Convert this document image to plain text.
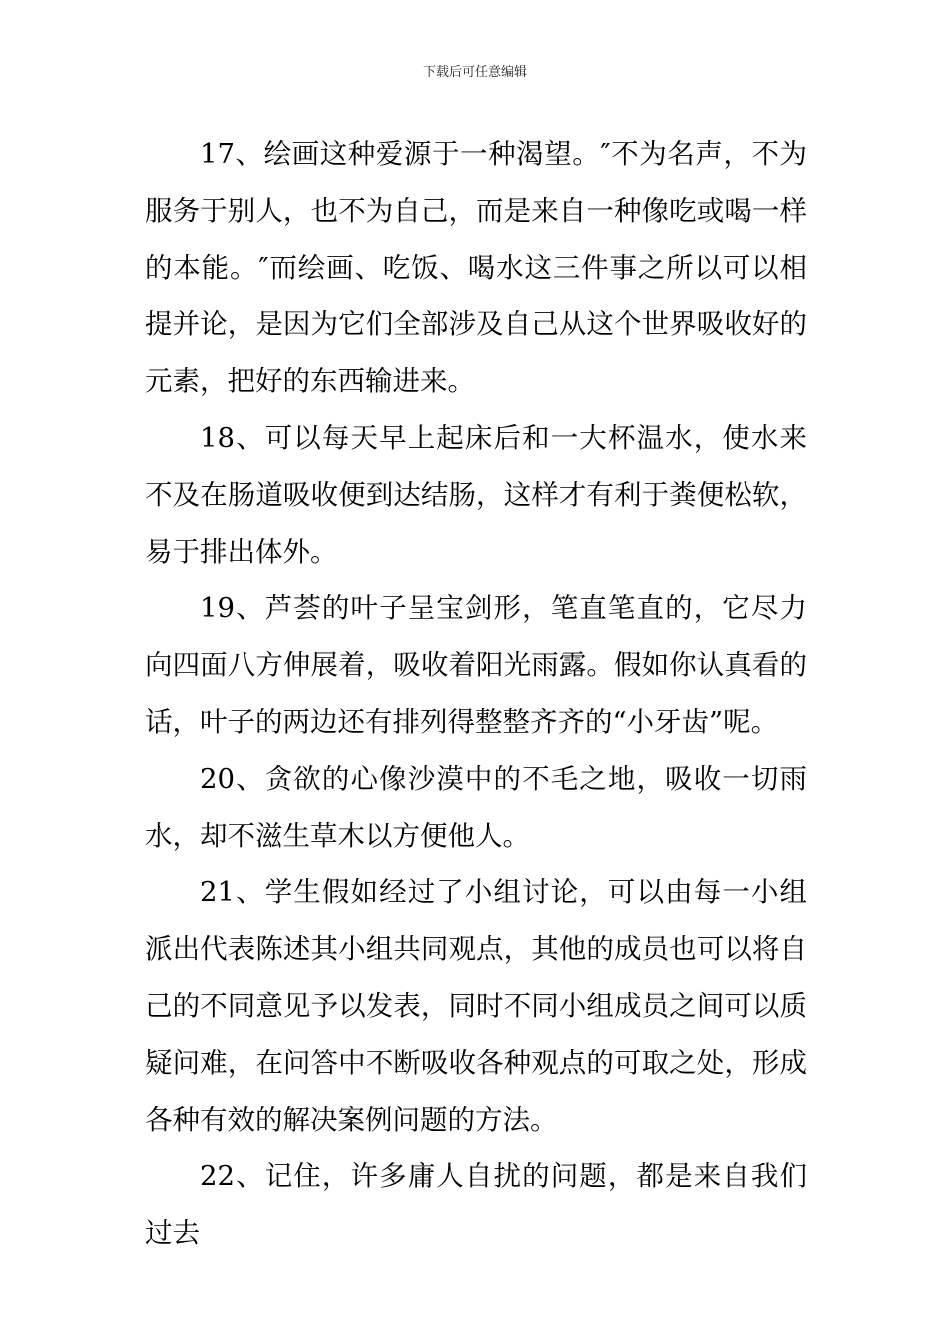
下载后可任意编辑

17、绘画这种爱源于一种渴望。″不为名声，不为服务于别人，也不为自己，而是来自一种像吃或喝一样的本能。″而绘画、吃饭、喝水这三件事之所以可以相提并论，是因为它们全部涉及自己从这个世界吸收好的元素，把好的东西输进来。

18、可以每天早上起床后和一大杯温水，使水来不及在肠道吸收便到达结肠，这样才有利于粪便松软，易于排出体外。

19、芦荟的叶子呈宝剑形，笔直笔直的，它尽力向四面八方伸展着，吸收着阳光雨露。假如你认真看的话，叶子的两边还有排列得整整齐齐的“小牙齿”呢。

20、贪欲的心像沙漠中的不毛之地，吸收一切雨水，却不滋生草木以方便他人。

21、学生假如经过了小组讨论，可以由每一小组派出代表陈述其小组共同观点，其他的成员也可以将自己的不同意见予以发表，同时不同小组成员之间可以质疑问难，在问答中不断吸收各种观点的可取之处，形成各种有效的解决案例问题的方法。

22、记住，许多庸人自扰的问题，都是来自我们过去
